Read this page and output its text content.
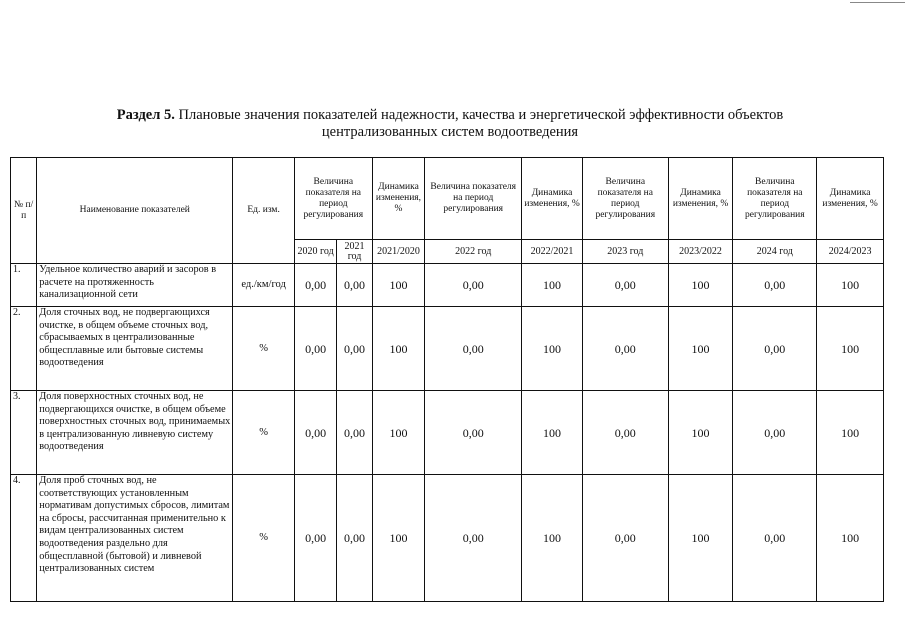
Раздел 5. Плановые значения показателей надежности, качества и энергетической эффективности объектов
централизованных систем водоотведения
№ п/п	Наименование показателей	Ед. изм.	Величина показателя на период регулирования		Динамика изменения, %	Величина показателя на период регулирования	Динамика изменения, %	Величина показателя на период регулирования	Динамика изменения, %	Величина показателя на период регулирования	Динамика изменения, %
			2020 год	2021 год	2021/2020	2022 год	2022/2021	2023 год	2023/2022	2024 год	2024/2023
1.	Удельное количество аварий и засоров в расчете на протяженность канализационной сети	ед./км/год	0,00	0,00	100	0,00	100	0,00	100	0,00	100
2.	Доля сточных вод, не подвергающихся очистке, в общем объеме сточных вод, сбрасываемых в централизованные общесплавные или бытовые системы водоотведения	%	0,00	0,00	100	0,00	100	0,00	100	0,00	100
3.	Доля поверхностных сточных вод, не подвергающихся очистке, в общем объеме поверхностных сточных вод, принимаемых в централизованную ливневую систему водоотведения	%	0,00	0,00	100	0,00	100	0,00	100	0,00	100
4.	Доля проб сточных вод, не соответствующих установленным нормативам допустимых сбросов, лимитам на сбросы, рассчитанная применительно к видам централизованных систем водоотведения раздельно для общесплавной (бытовой) и ливневой централизованных систем	%	0,00	0,00	100	0,00	100	0,00	100	0,00	100
